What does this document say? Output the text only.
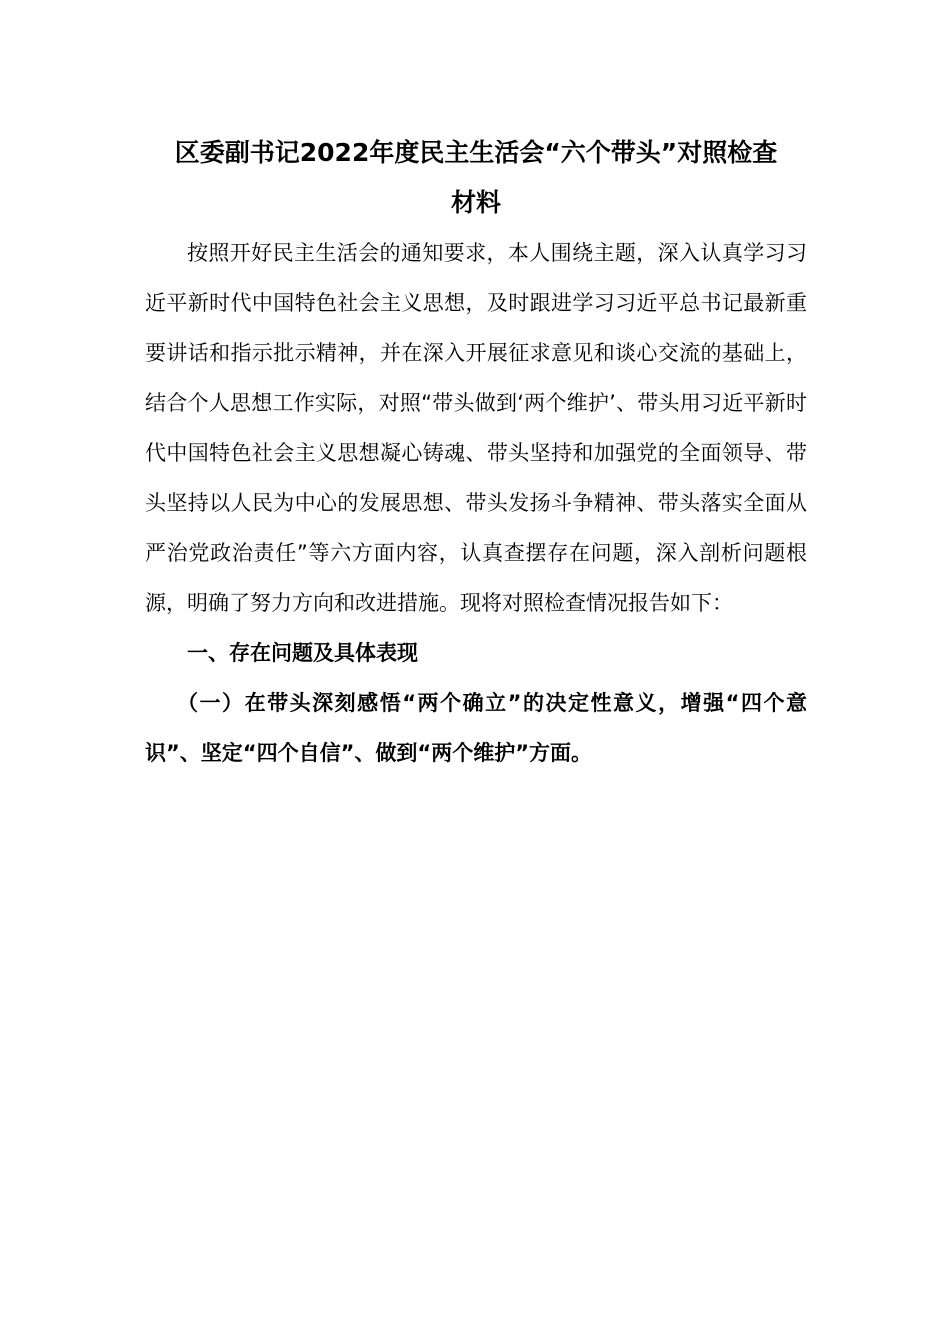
区委副书记2022年度民主生活会“六个带头”对照检查
材料

按照开好民主生活会的通知要求，本人围绕主题，深入认真学习习近平新时代中国特色社会主义思想，及时跟进学习习近平总书记最新重要讲话和指示批示精神，并在深入开展征求意见和谈心交流的基础上，结合个人思想工作实际，对照“带头做到‘两个维护’、带头用习近平新时代中国特色社会主义思想凝心铸魂、带头坚持和加强党的全面领导、带头坚持以人民为中心的发展思想、带头发扬斗争精神、带头落实全面从严治党政治责任”等六方面内容，认真查摆存在问题，深入剖析问题根源，明确了努力方向和改进措施。现将对照检查情况报告如下：

一、存在问题及具体表现

（一）在带头深刻感悟“两个确立”的决定性意义，增强“四个意识”、坚定“四个自信”、做到“两个维护”方面。
